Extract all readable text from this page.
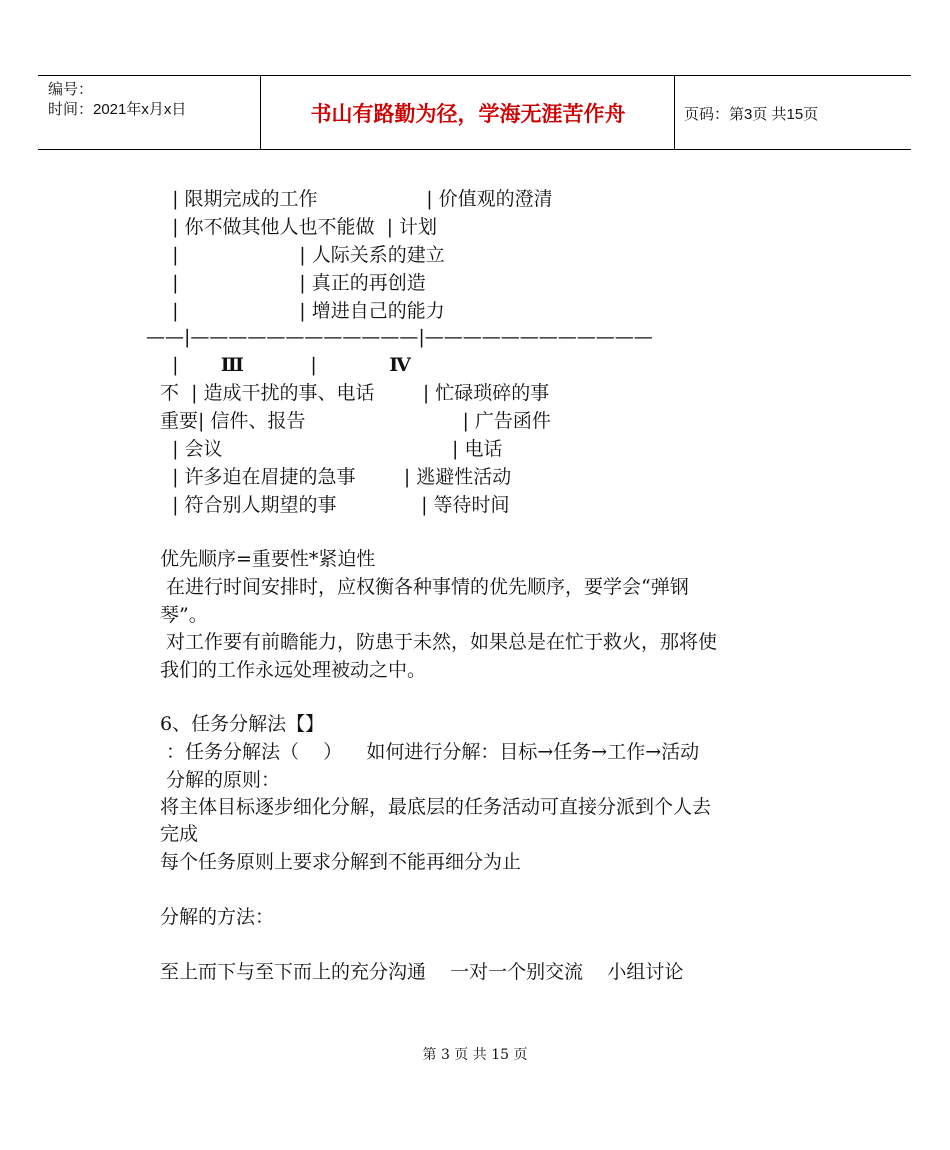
编号：
时间：2021年x月x日	书山有路勤为径，学海无涯苦作舟	页码：第3页 共15页
| 限期完成的工作                  | 价值观的澄清
| 你不做其他人也不能做  | 计划
|                    | 人际关系的建立
|                    | 真正的再创造
|                    | 增进自己的能力
——|————————————|————————————
|       Ⅲ           |            Ⅳ
不  | 造成干扰的事、电话        | 忙碌琐碎的事
重要| 信件、报告                          | 广告函件
| 会议                                      | 电话
| 许多迫在眉捷的急事        | 逃避性活动
| 符合别人期望的事              | 等待时间
优先顺序=重要性*紧迫性
在进行时间安排时，应权衡各种事情的优先顺序，要学会“弹钢
琴”。
对工作要有前瞻能力，防患于未然，如果总是在忙于救火，那将使
我们的工作永远处理被动之中。
6、任务分解法【】
：任务分解法（    ）    如何进行分解：目标→任务→工作→活动
分解的原则：
将主体目标逐步细化分解，最底层的任务活动可直接分派到个人去
完成
每个任务原则上要求分解到不能再细分为止
分解的方法：
至上而下与至下而上的充分沟通    一对一个别交流    小组讨论
第 3 页 共 15 页
